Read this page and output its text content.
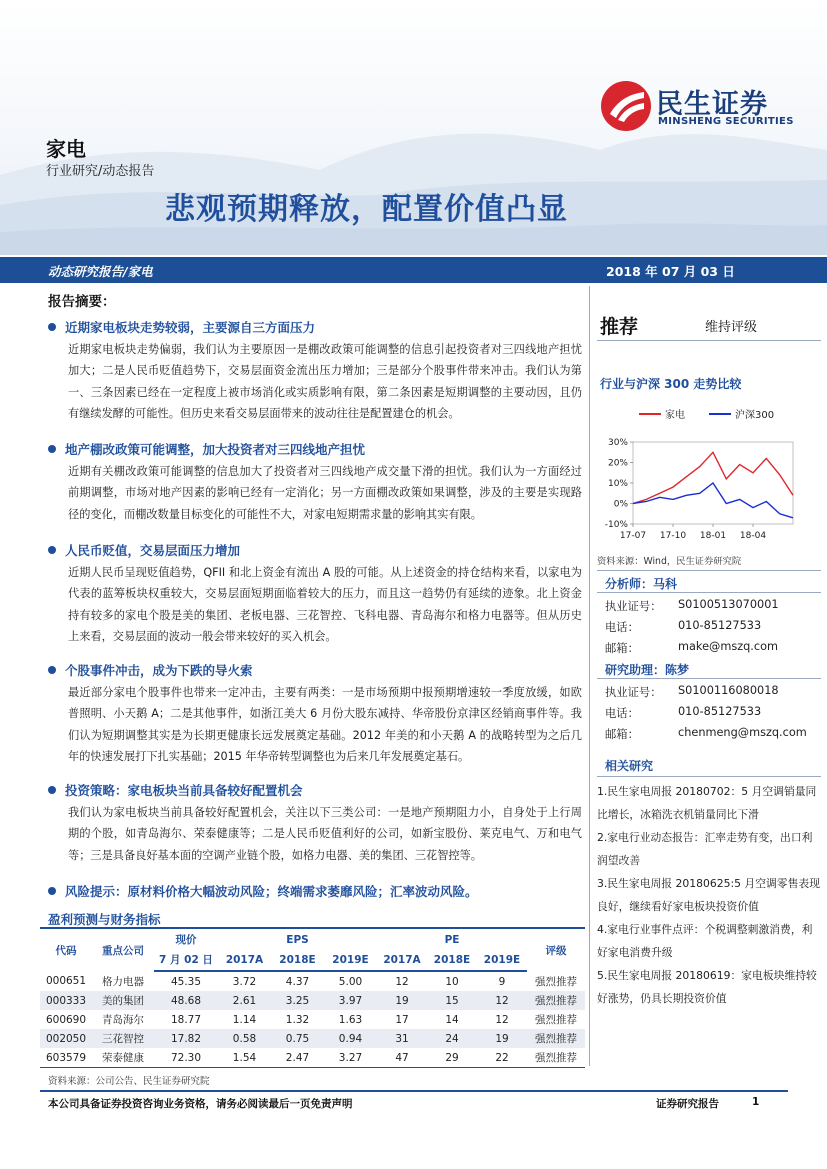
民生证券
MINSHENG SECURITIES
家电
行业研究/动态报告
悲观预期释放，配置价值凸显
动态研究报告/家电	2018 年 07 月 03 日
报告摘要：
近期家电板块走势较弱，主要源自三方面压力
近期家电板块走势偏弱，我们认为主要原因一是棚改政策可能调整的信息引起投资者对三四线地产担忧加大；二是人民币贬值趋势下，交易层面资金流出压力增加；三是部分个股事件带来冲击。我们认为第一、三条因素已经在一定程度上被市场消化或实质影响有限，第二条因素是短期调整的主要动因，且仍有继续发酵的可能性。但历史来看交易层面带来的波动往往是配置建仓的机会。
地产棚改政策可能调整，加大投资者对三四线地产担忧
近期有关棚改政策可能调整的信息加大了投资者对三四线地产成交量下滑的担忧。我们认为一方面经过前期调整，市场对地产因素的影响已经有一定消化；另一方面棚改政策如果调整，涉及的主要是实现路径的变化，而棚改数量目标变化的可能性不大，对家电短期需求量的影响其实有限。
人民币贬值，交易层面压力增加
近期人民币呈现贬值趋势，QFII 和北上资金有流出 A 股的可能。从上述资金的持仓结构来看，以家电为代表的蓝筹板块权重较大，交易层面短期面临着较大的压力，而且这一趋势仍有延续的迹象。北上资金持有较多的家电个股是美的集团、老板电器、三花智控、飞科电器、青岛海尔和格力电器等。但从历史上来看，交易层面的波动一般会带来较好的买入机会。
个股事件冲击，成为下跌的导火索
最近部分家电个股事件也带来一定冲击，主要有两类：一是市场预期中报预期增速较一季度放缓，如欧普照明、小天鹅 A；二是其他事件，如浙江美大 6 月份大股东减持、华帝股份京津区经销商事件等。我们认为短期调整其实是为长期更健康长远发展奠定基础。2012 年美的和小天鹅 A 的战略转型为之后几年的快速发展打下扎实基础；2015 年华帝转型调整也为后来几年发展奠定基石。
投资策略：家电板块当前具备较好配置机会
我们认为家电板块当前具备较好配置机会，关注以下三类公司：一是地产预期阻力小，自身处于上行周期的个股，如青岛海尔、荣泰健康等；二是人民币贬值利好的公司，如新宝股份、莱克电气、万和电气等；三是具备良好基本面的空调产业链个股，如格力电器、美的集团、三花智控等。
风险提示：原材料价格大幅波动风险；终端需求萎靡风险；汇率波动风险。
推荐	维持评级
行业与沪深 300 走势比较
30%
20%
10%
0%
-10%
17-07 17-10 18-01 18-04
家电	沪深300
资料来源：Wind，民生证券研究院
分析师：马科
执业证号： S0100513070001
电话：	010-85127533
邮箱：	make@mszq.com
研究助理：陈梦
执业证号： S0100116080018
电话：	010-85127533
邮箱：	chenmeng@mszq.com
相关研究
1.民生家电周报 20180702：5 月空调销量同比增长，冰箱洗衣机销量同比下滑
2.家电行业动态报告：汇率走势有变，出口利润望改善
3.民生家电周报 20180625:5 月空调零售表现良好，继续看好家电板块投资价值
4.家电行业事件点评：个税调整刺激消费，利好家电消费升级
5.民生家电周报 20180619：家电板块维持较好涨势，仍具长期投资价值
盈利预测与财务指标
代码	重点公司	现价	EPS			PE			评级
		7 月 02 日	2017A	2018E	2019E	2017A	2018E	2019E	
000651	格力电器	45.35	3.72	4.37	5.00	12	10	9	强烈推荐
000333	美的集团	48.68	2.61	3.25	3.97	19	15	12	强烈推荐
600690	青岛海尔	18.77	1.14	1.32	1.63	17	14	12	强烈推荐
002050	三花智控	17.82	0.58	0.75	0.94	31	24	19	强烈推荐
603579	荣泰健康	72.30	1.54	2.47	3.27	47	29	22	强烈推荐
资料来源：公司公告、民生证券研究院
本公司具备证券投资咨询业务资格，请务必阅读最后一页免责声明	证券研究报告	1
